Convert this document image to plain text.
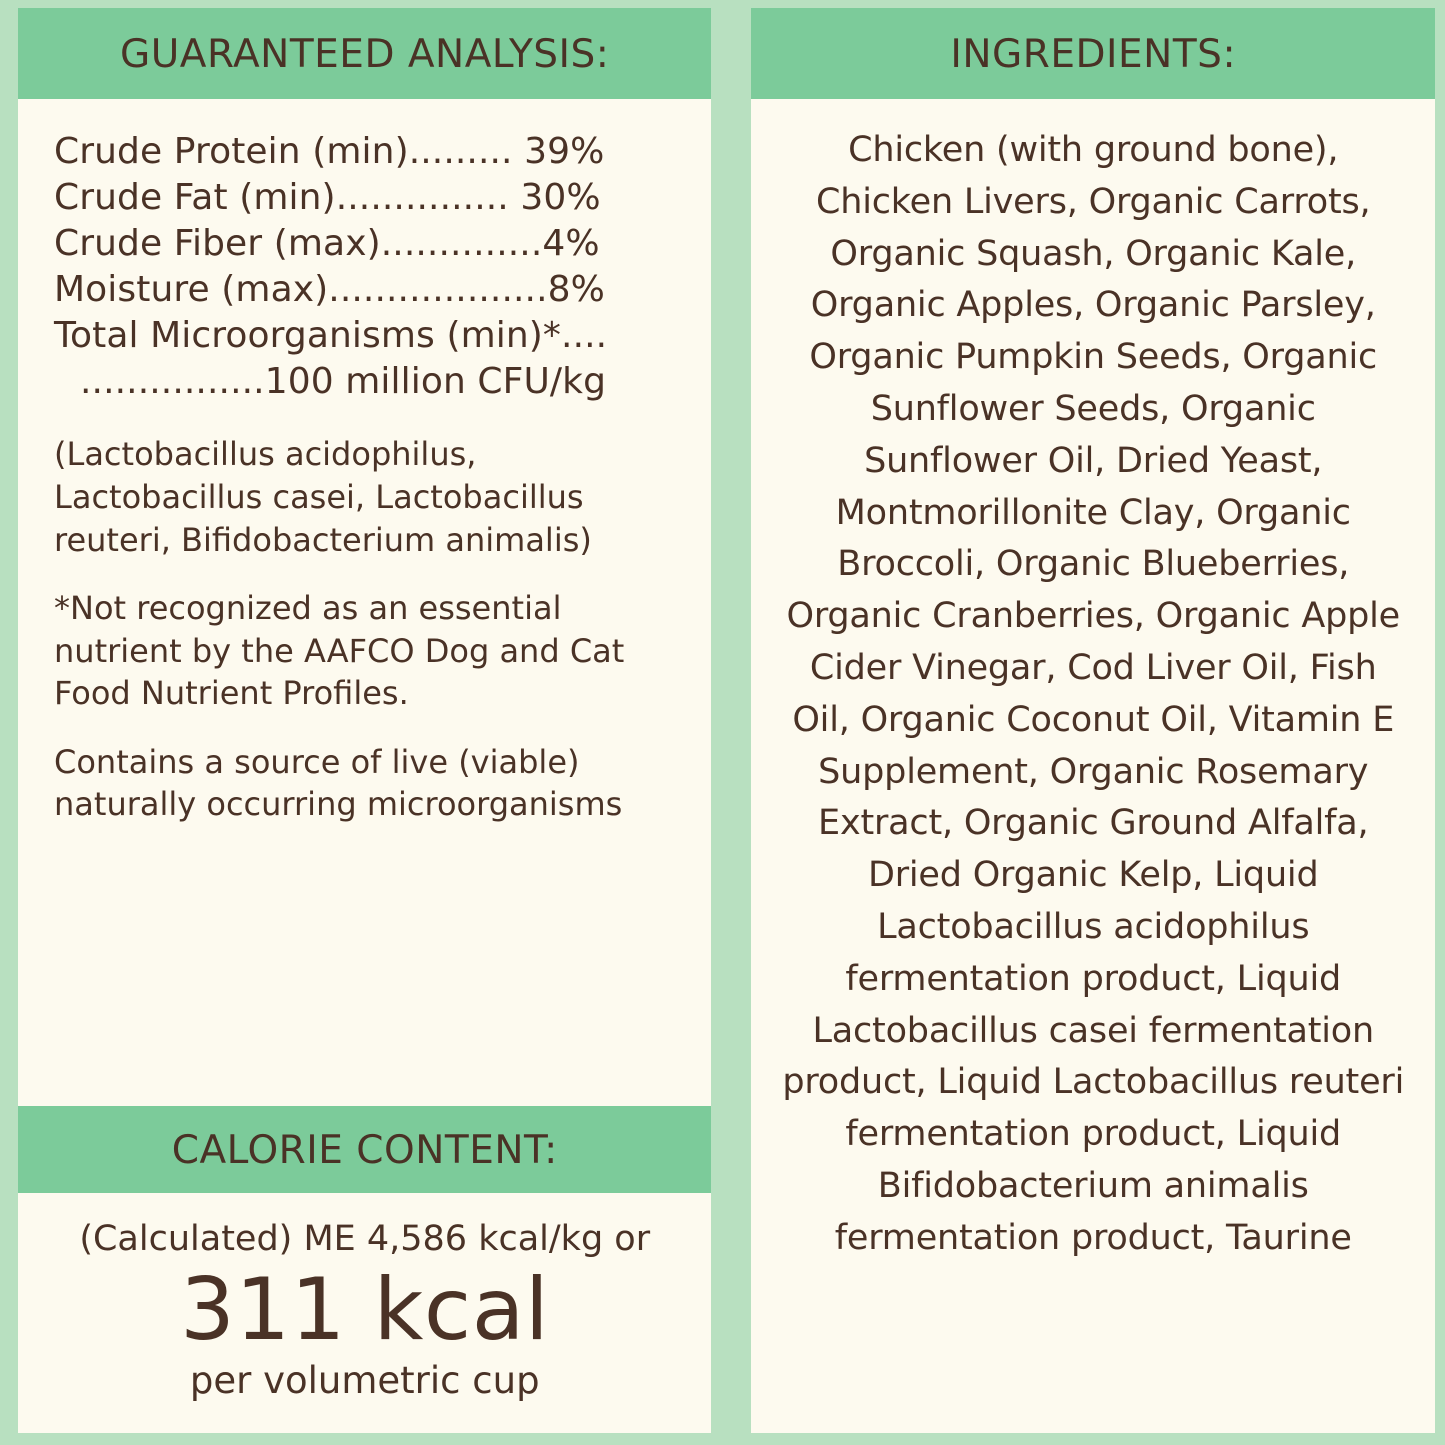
GUARANTEED ANALYSIS:
Crude Protein (min)......... 39%
Crude Fat (min)............... 30%
Crude Fiber (max)..............4%
Moisture (max)...................8%
Total Microorganisms (min)*....
................100 million CFU/kg

(Lactobacillus acidophilus, Lactobacillus casei, Lactobacillus reuteri, Bifidobacterium animalis)

*Not recognized as an essential nutrient by the AAFCO Dog and Cat Food Nutrient Profiles.

Contains a source of live (viable) naturally occurring microorganisms

CALORIE CONTENT:
(Calculated) ME 4,586 kcal/kg or
311 kcal
per volumetric cup
INGREDIENTS:
Chicken (with ground bone), Chicken Livers, Organic Carrots, Organic Squash, Organic Kale, Organic Apples, Organic Parsley, Organic Pumpkin Seeds, Organic Sunflower Seeds, Organic Sunflower Oil, Dried Yeast, Montmorillonite Clay, Organic Broccoli, Organic Blueberries, Organic Cranberries, Organic Apple Cider Vinegar, Cod Liver Oil, Fish Oil, Organic Coconut Oil, Vitamin E Supplement, Organic Rosemary Extract, Organic Ground Alfalfa, Dried Organic Kelp, Liquid Lactobacillus acidophilus fermentation product, Liquid Lactobacillus casei fermentation product, Liquid Lactobacillus reuteri fermentation product, Liquid Bifidobacterium animalis fermentation product, Taurine
